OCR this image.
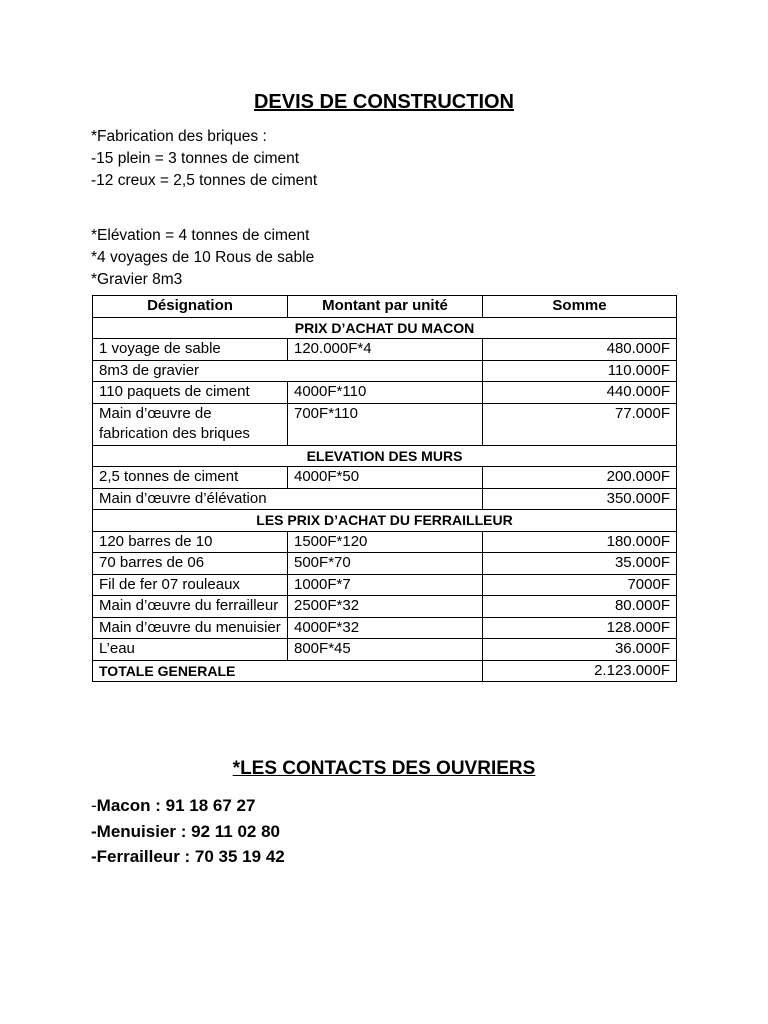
DEVIS DE CONSTRUCTION
*Fabrication des briques :
-15 plein = 3 tonnes de ciment
-12 creux = 2,5 tonnes de ciment
*Elévation = 4 tonnes de ciment
*4 voyages de 10 Rous de sable
*Gravier 8m3
Désignation	Montant par unité	Somme
PRIX D’ACHAT DU MACON		
1 voyage de sable	120.000F*4	480.000F
8m3 de gravier		110.000F
110 paquets de ciment	4000F*110	440.000F
Main d’œuvre de fabrication des briques	700F*110	77.000F
ELEVATION DES MURS		
2,5 tonnes de ciment	4000F*50	200.000F
Main d’œuvre d’élévation		350.000F
LES PRIX D’ACHAT DU FERRAILLEUR		
120 barres de 10	1500F*120	180.000F
70 barres de 06	500F*70	35.000F
Fil de fer 07 rouleaux	1000F*7	7000F
Main d’œuvre du ferrailleur	2500F*32	80.000F
Main d’œuvre du menuisier	4000F*32	128.000F
L’eau	800F*45	36.000F
TOTALE GENERALE		2.123.000F
*LES CONTACTS DES OUVRIERS
-Macon : 91 18 67 27
-Menuisier : 92 11 02 80
-Ferrailleur : 70 35 19 42
